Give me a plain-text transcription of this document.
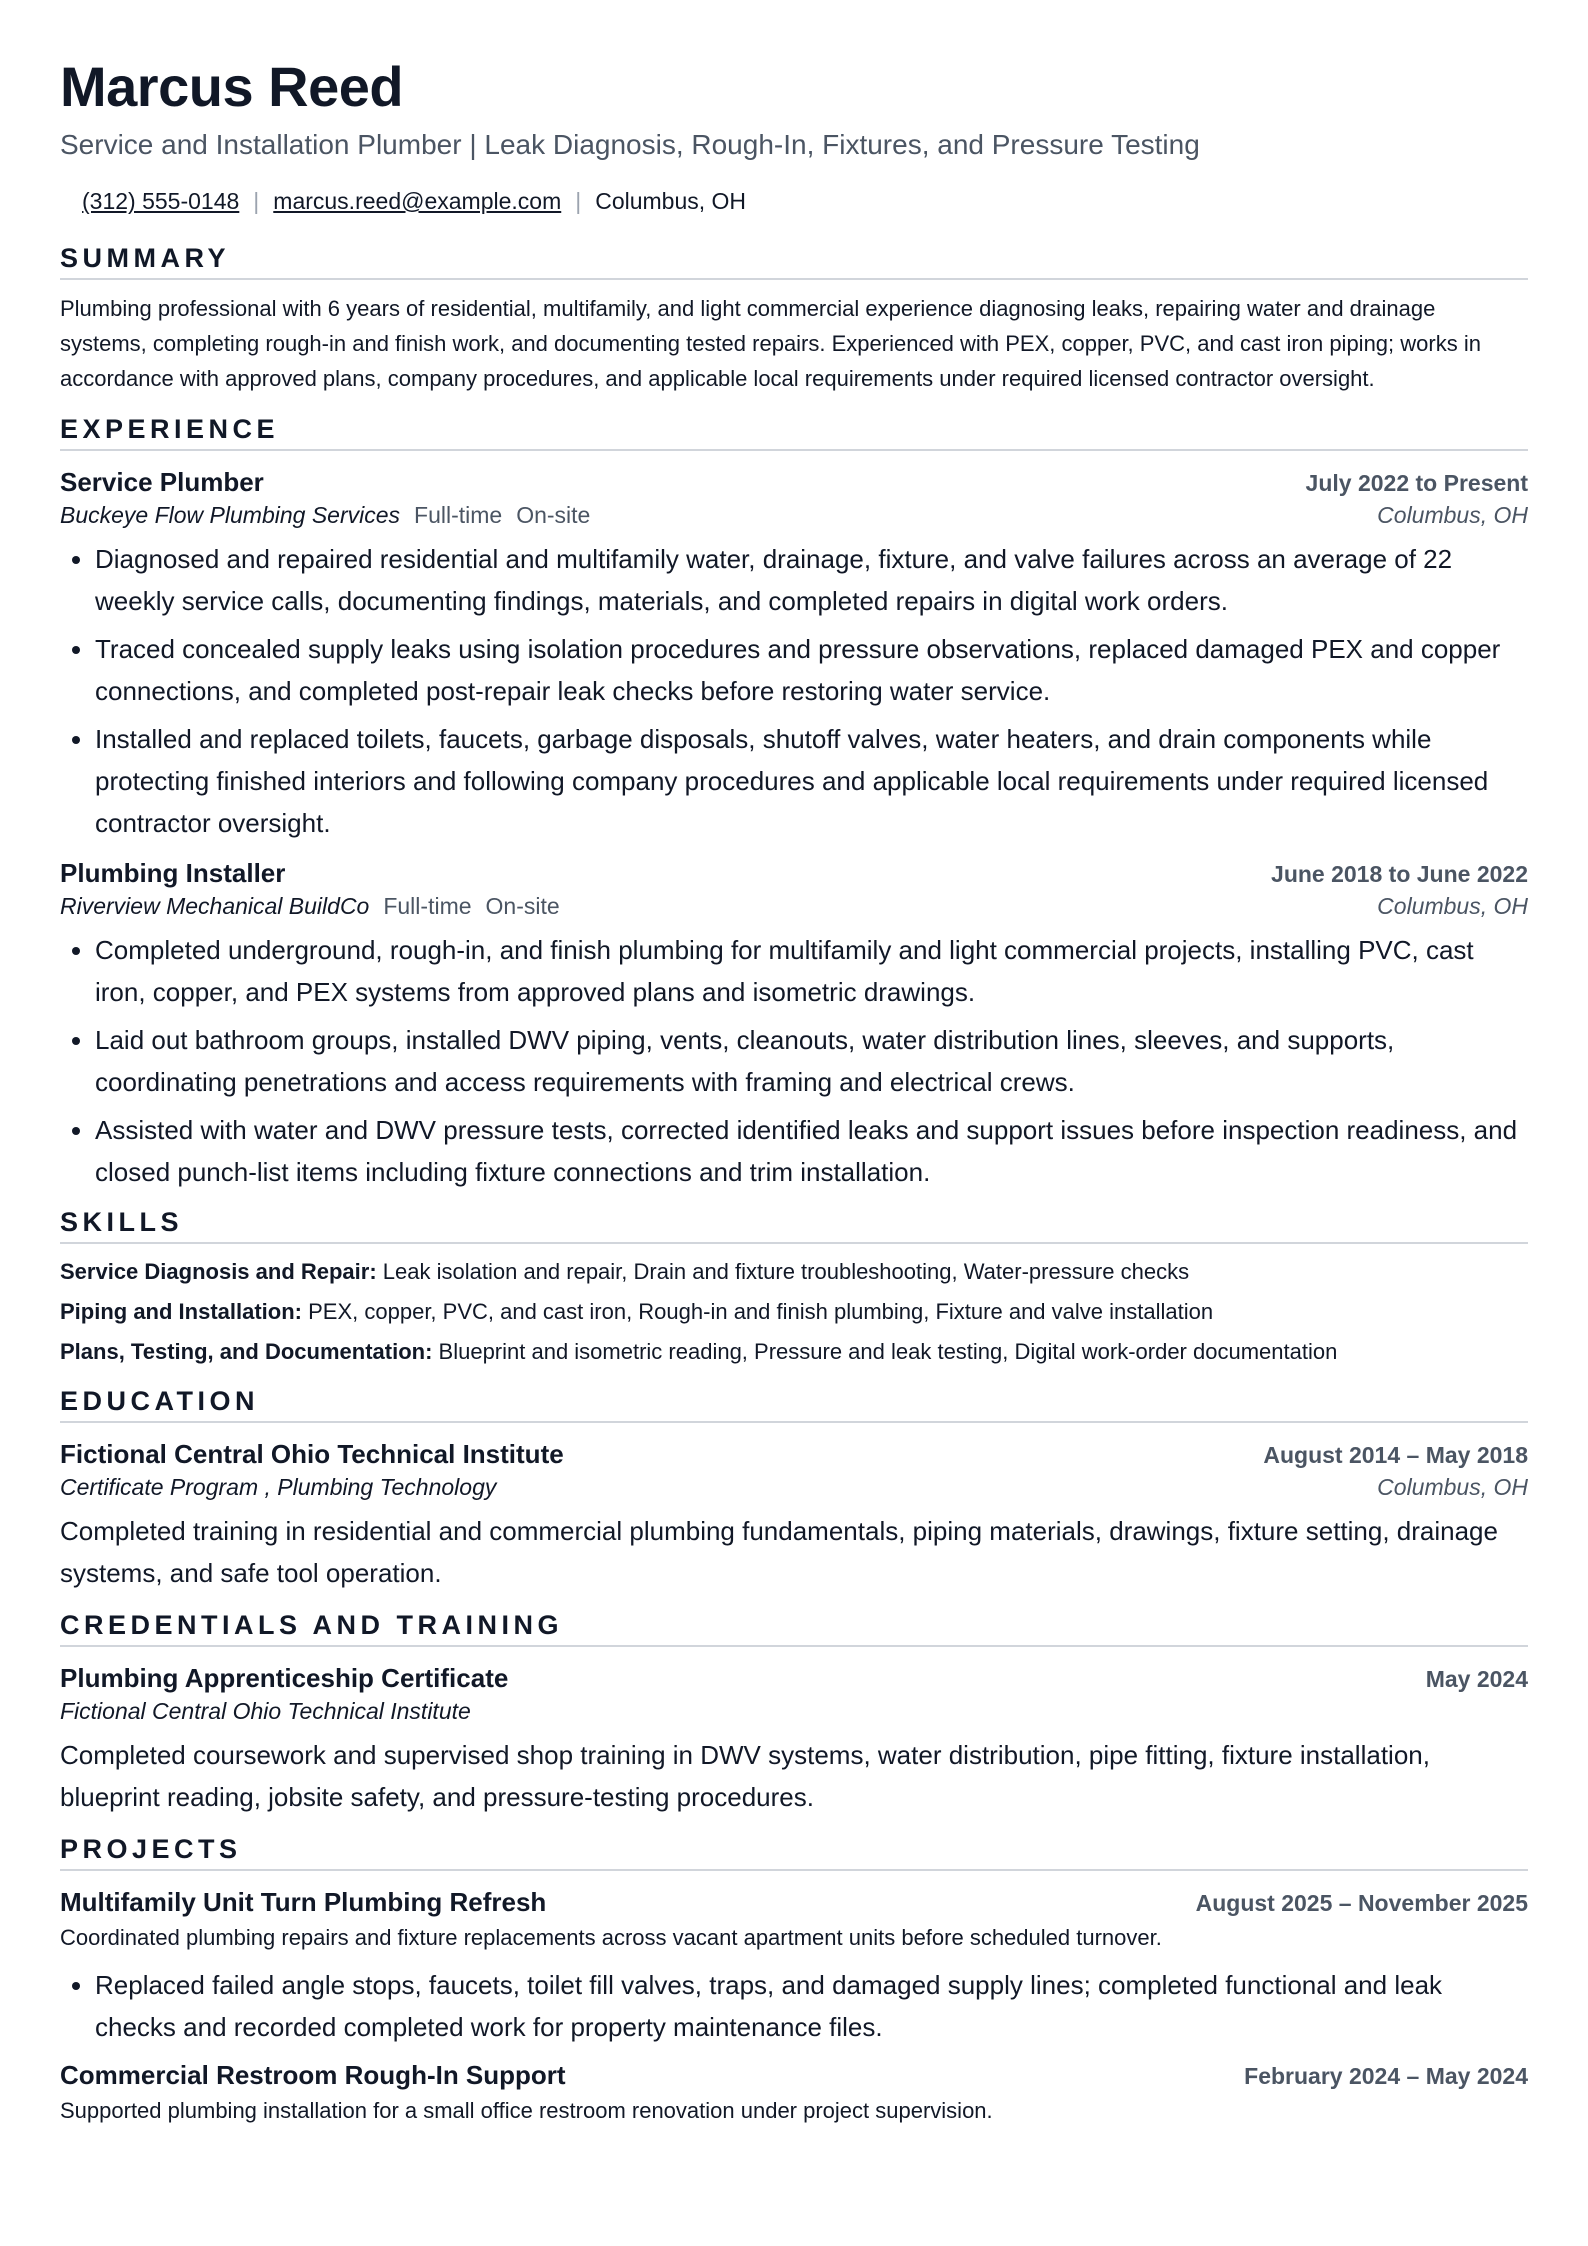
Marcus Reed
Service and Installation Plumber | Leak Diagnosis, Rough-In, Fixtures, and Pressure Testing
(312) 555-0148 | marcus.reed@example.com | Columbus, OH
SUMMARY

Plumbing professional with 6 years of residential, multifamily, and light commercial experience diagnosing leaks, repairing water and drainage systems, completing rough-in and finish work, and documenting tested repairs. Experienced with PEX, copper, PVC, and cast iron piping; works in accordance with approved plans, company procedures, and applicable local requirements under required licensed contractor oversight.

EXPERIENCE
Service Plumber	July 2022 to Present
Buckeye Flow Plumbing Services Full-time On-site	Columbus, OH
• Diagnosed and repaired residential and multifamily water, drainage, fixture, and valve failures across an average of 22 weekly service calls, documenting findings, materials, and completed repairs in digital work orders.
• Traced concealed supply leaks using isolation procedures and pressure observations, replaced damaged PEX and copper connections, and completed post-repair leak checks before restoring water service.
• Installed and replaced toilets, faucets, garbage disposals, shutoff valves, water heaters, and drain components while protecting finished interiors and following company procedures and applicable local requirements under required licensed contractor oversight.
Plumbing Installer	June 2018 to June 2022
Riverview Mechanical BuildCo Full-time On-site	Columbus, OH
• Completed underground, rough-in, and finish plumbing for multifamily and light commercial projects, installing PVC, cast iron, copper, and PEX systems from approved plans and isometric drawings.
• Laid out bathroom groups, installed DWV piping, vents, cleanouts, water distribution lines, sleeves, and supports, coordinating penetrations and access requirements with framing and electrical crews.
• Assisted with water and DWV pressure tests, corrected identified leaks and support issues before inspection readiness, and closed punch-list items including fixture connections and trim installation.
SKILLS
Service Diagnosis and Repair: Leak isolation and repair, Drain and fixture troubleshooting, Water-pressure checks
Piping and Installation: PEX, copper, PVC, and cast iron, Rough-in and finish plumbing, Fixture and valve installation
Plans, Testing, and Documentation: Blueprint and isometric reading, Pressure and leak testing, Digital work-order documentation
EDUCATION
Fictional Central Ohio Technical Institute	August 2014 – May 2018
Certificate Program , Plumbing Technology	Columbus, OH

Completed training in residential and commercial plumbing fundamentals, piping materials, drawings, fixture setting, drainage systems, and safe tool operation.

CREDENTIALS AND TRAINING
Plumbing Apprenticeship Certificate	May 2024
Fictional Central Ohio Technical Institute

Completed coursework and supervised shop training in DWV systems, water distribution, pipe fitting, fixture installation, blueprint reading, jobsite safety, and pressure-testing procedures.

PROJECTS
Multifamily Unit Turn Plumbing Refresh	August 2025 – November 2025

Coordinated plumbing repairs and fixture replacements across vacant apartment units before scheduled turnover.

• Replaced failed angle stops, faucets, toilet fill valves, traps, and damaged supply lines; completed functional and leak checks and recorded completed work for property maintenance files.
Commercial Restroom Rough-In Support	February 2024 – May 2024

Supported plumbing installation for a small office restroom renovation under project supervision.
